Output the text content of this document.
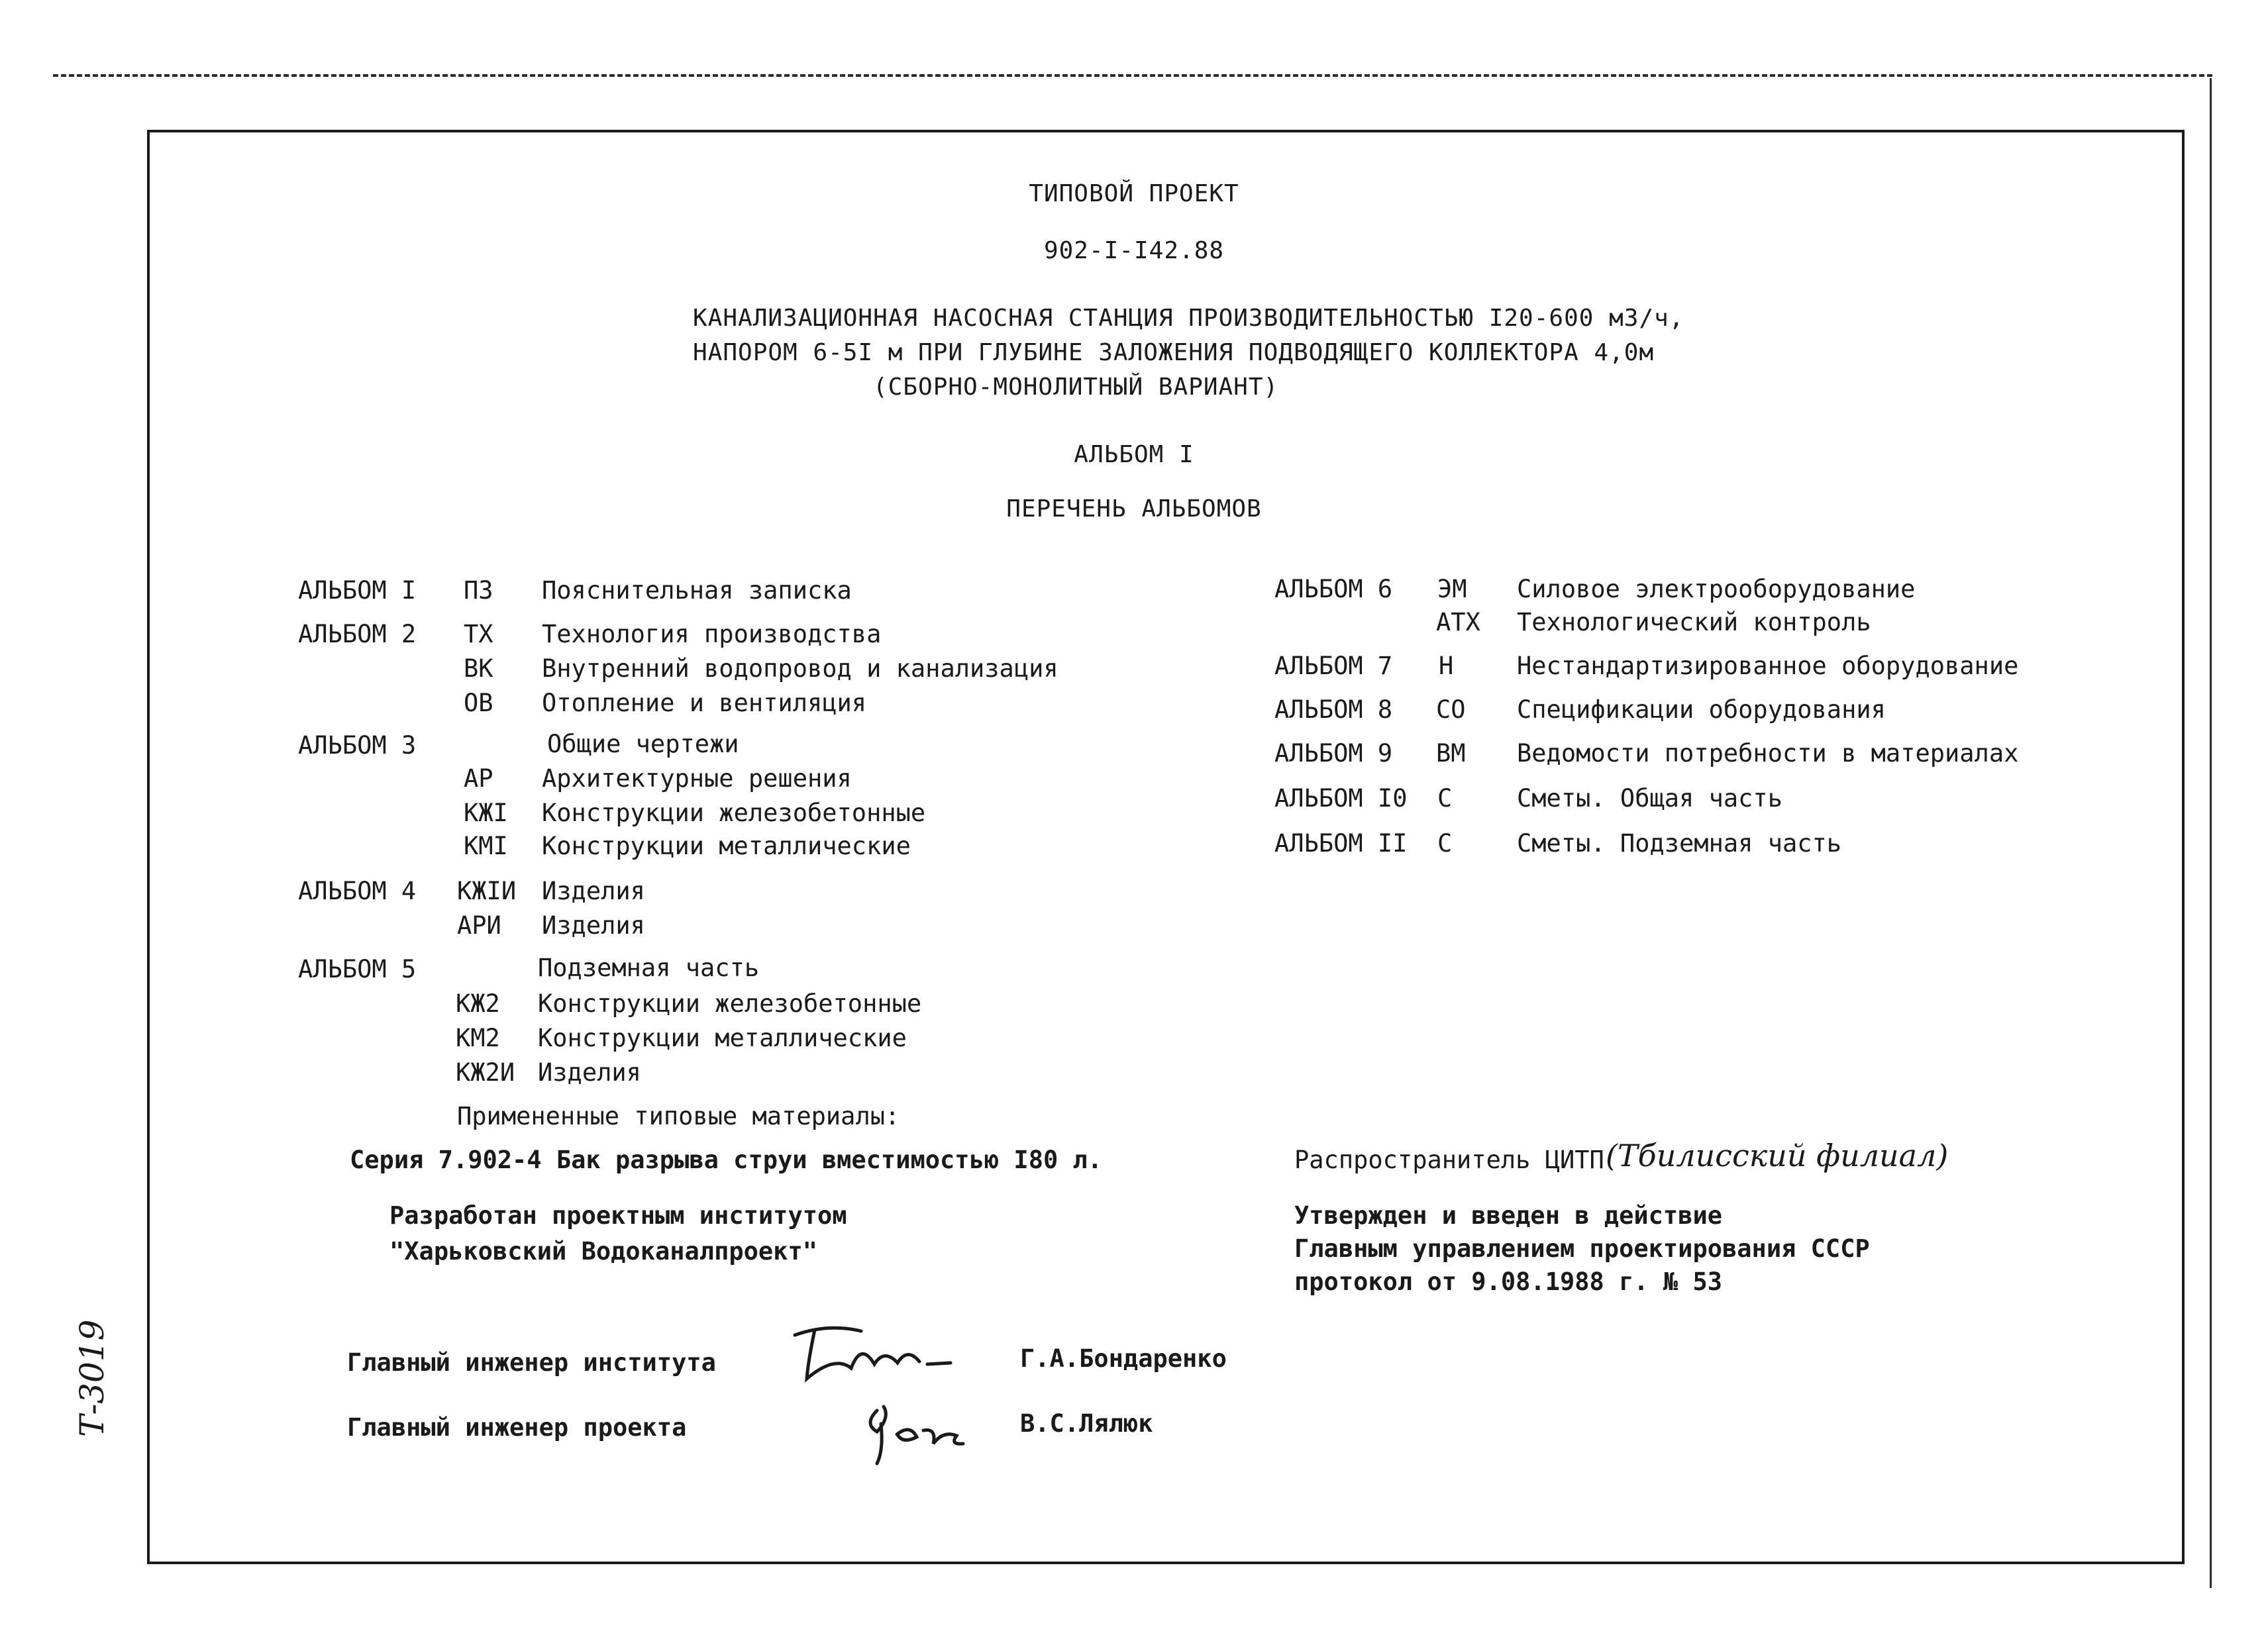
ТИПОВОЙ ПРОЕКТ
902-I-I42.88
КАНАЛИЗАЦИОННАЯ НАСОСНАЯ СТАНЦИЯ ПРОИЗВОДИТЕЛЬНОСТЬЮ I20-600 м3/ч,
НАПОРОМ 6-5I м ПРИ ГЛУБИНЕ ЗАЛОЖЕНИЯ ПОДВОДЯЩЕГО КОЛЛЕКТОРА 4,0м
(СБОРНО-МОНОЛИТНЫЙ ВАРИАНТ)
АЛЬБОМ I
ПЕРЕЧЕНЬ АЛЬБОМОВ
АЛЬБОМ I ПЗ Пояснительная записка
АЛЬБОМ 2 ТХ Технология производства
ВК Внутренний водопровод и канализация
ОВ Отопление и вентиляция
АЛЬБОМ 3	Общие чертежи
АР Архитектурные решения
КЖI Конструкции железобетонные
КМI Конструкции металлические
АЛЬБОМ 4 КЖIИ Изделия
АРИ Изделия
АЛЬБОМ 5	Подземная часть
КЖ2 Конструкции железобетонные
КМ2 Конструкции металлические
КЖ2И Изделия
АЛЬБОМ 6 ЭМ Силовое электрооборудование
АТХ Технологический контроль
АЛЬБОМ 7 Н	Нестандартизированное оборудование
АЛЬБОМ 8 СО Спецификации оборудования
АЛЬБОМ 9 ВМ Ведомости потребности в материалах
АЛЬБОМ I0 С	Сметы. Общая часть
АЛЬБОМ II С	Сметы. Подземная часть
Примененные типовые материалы:
Серия 7.902-4 Бак разрыва струи вместимостью I80 л.
Разработан проектным институтом
"Харьковский Водоканалпроект"
Распространитель ЦИТП (Тбилисский филиал)
Утвержден и введен в действие
Главным управлением проектирования СССР
протокол от 9.08.1988 г. № 53
Главный инженер института	Г.А.Бондаренко
Главный инженер проекта	В.С.Лялюк
Т-3019
